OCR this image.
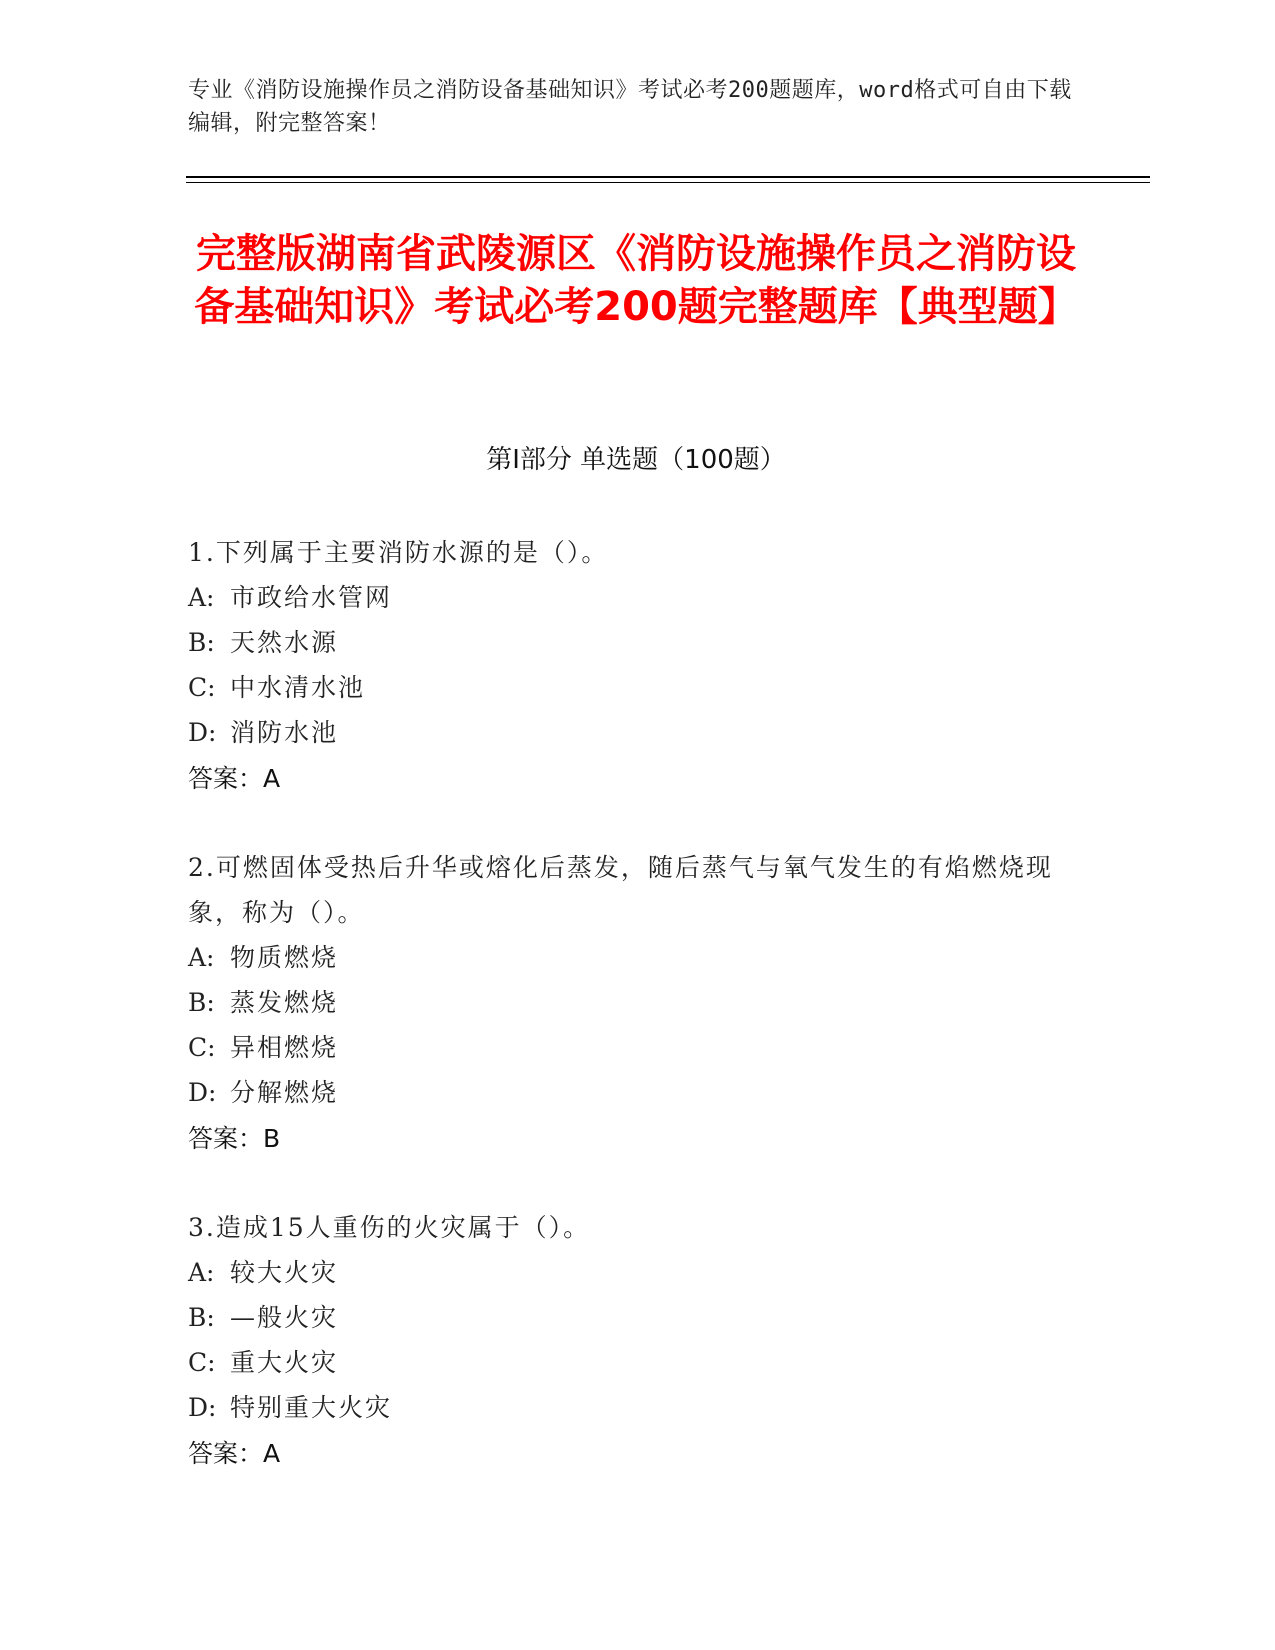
专业《消防设施操作员之消防设备基础知识》考试必考200题题库，word格式可自由下载编辑，附完整答案！
完整版湖南省武陵源区《消防设施操作员之消防设备基础知识》考试必考200题完整题库【典型题】
第I部分 单选题（100题）
1.下列属于主要消防水源的是（）。
A: 市政给水管网
B: 天然水源
C: 中水清水池
D: 消防水池
答案：A
2.可燃固体受热后升华或熔化后蒸发，随后蒸气与氧气发生的有焰燃烧现象，称为（）。
A: 物质燃烧
B: 蒸发燃烧
C: 异相燃烧
D: 分解燃烧
答案：B
3.造成15人重伤的火灾属于（）。
A: 较大火灾
B: —般火灾
C: 重大火灾
D: 特别重大火灾
答案：A
